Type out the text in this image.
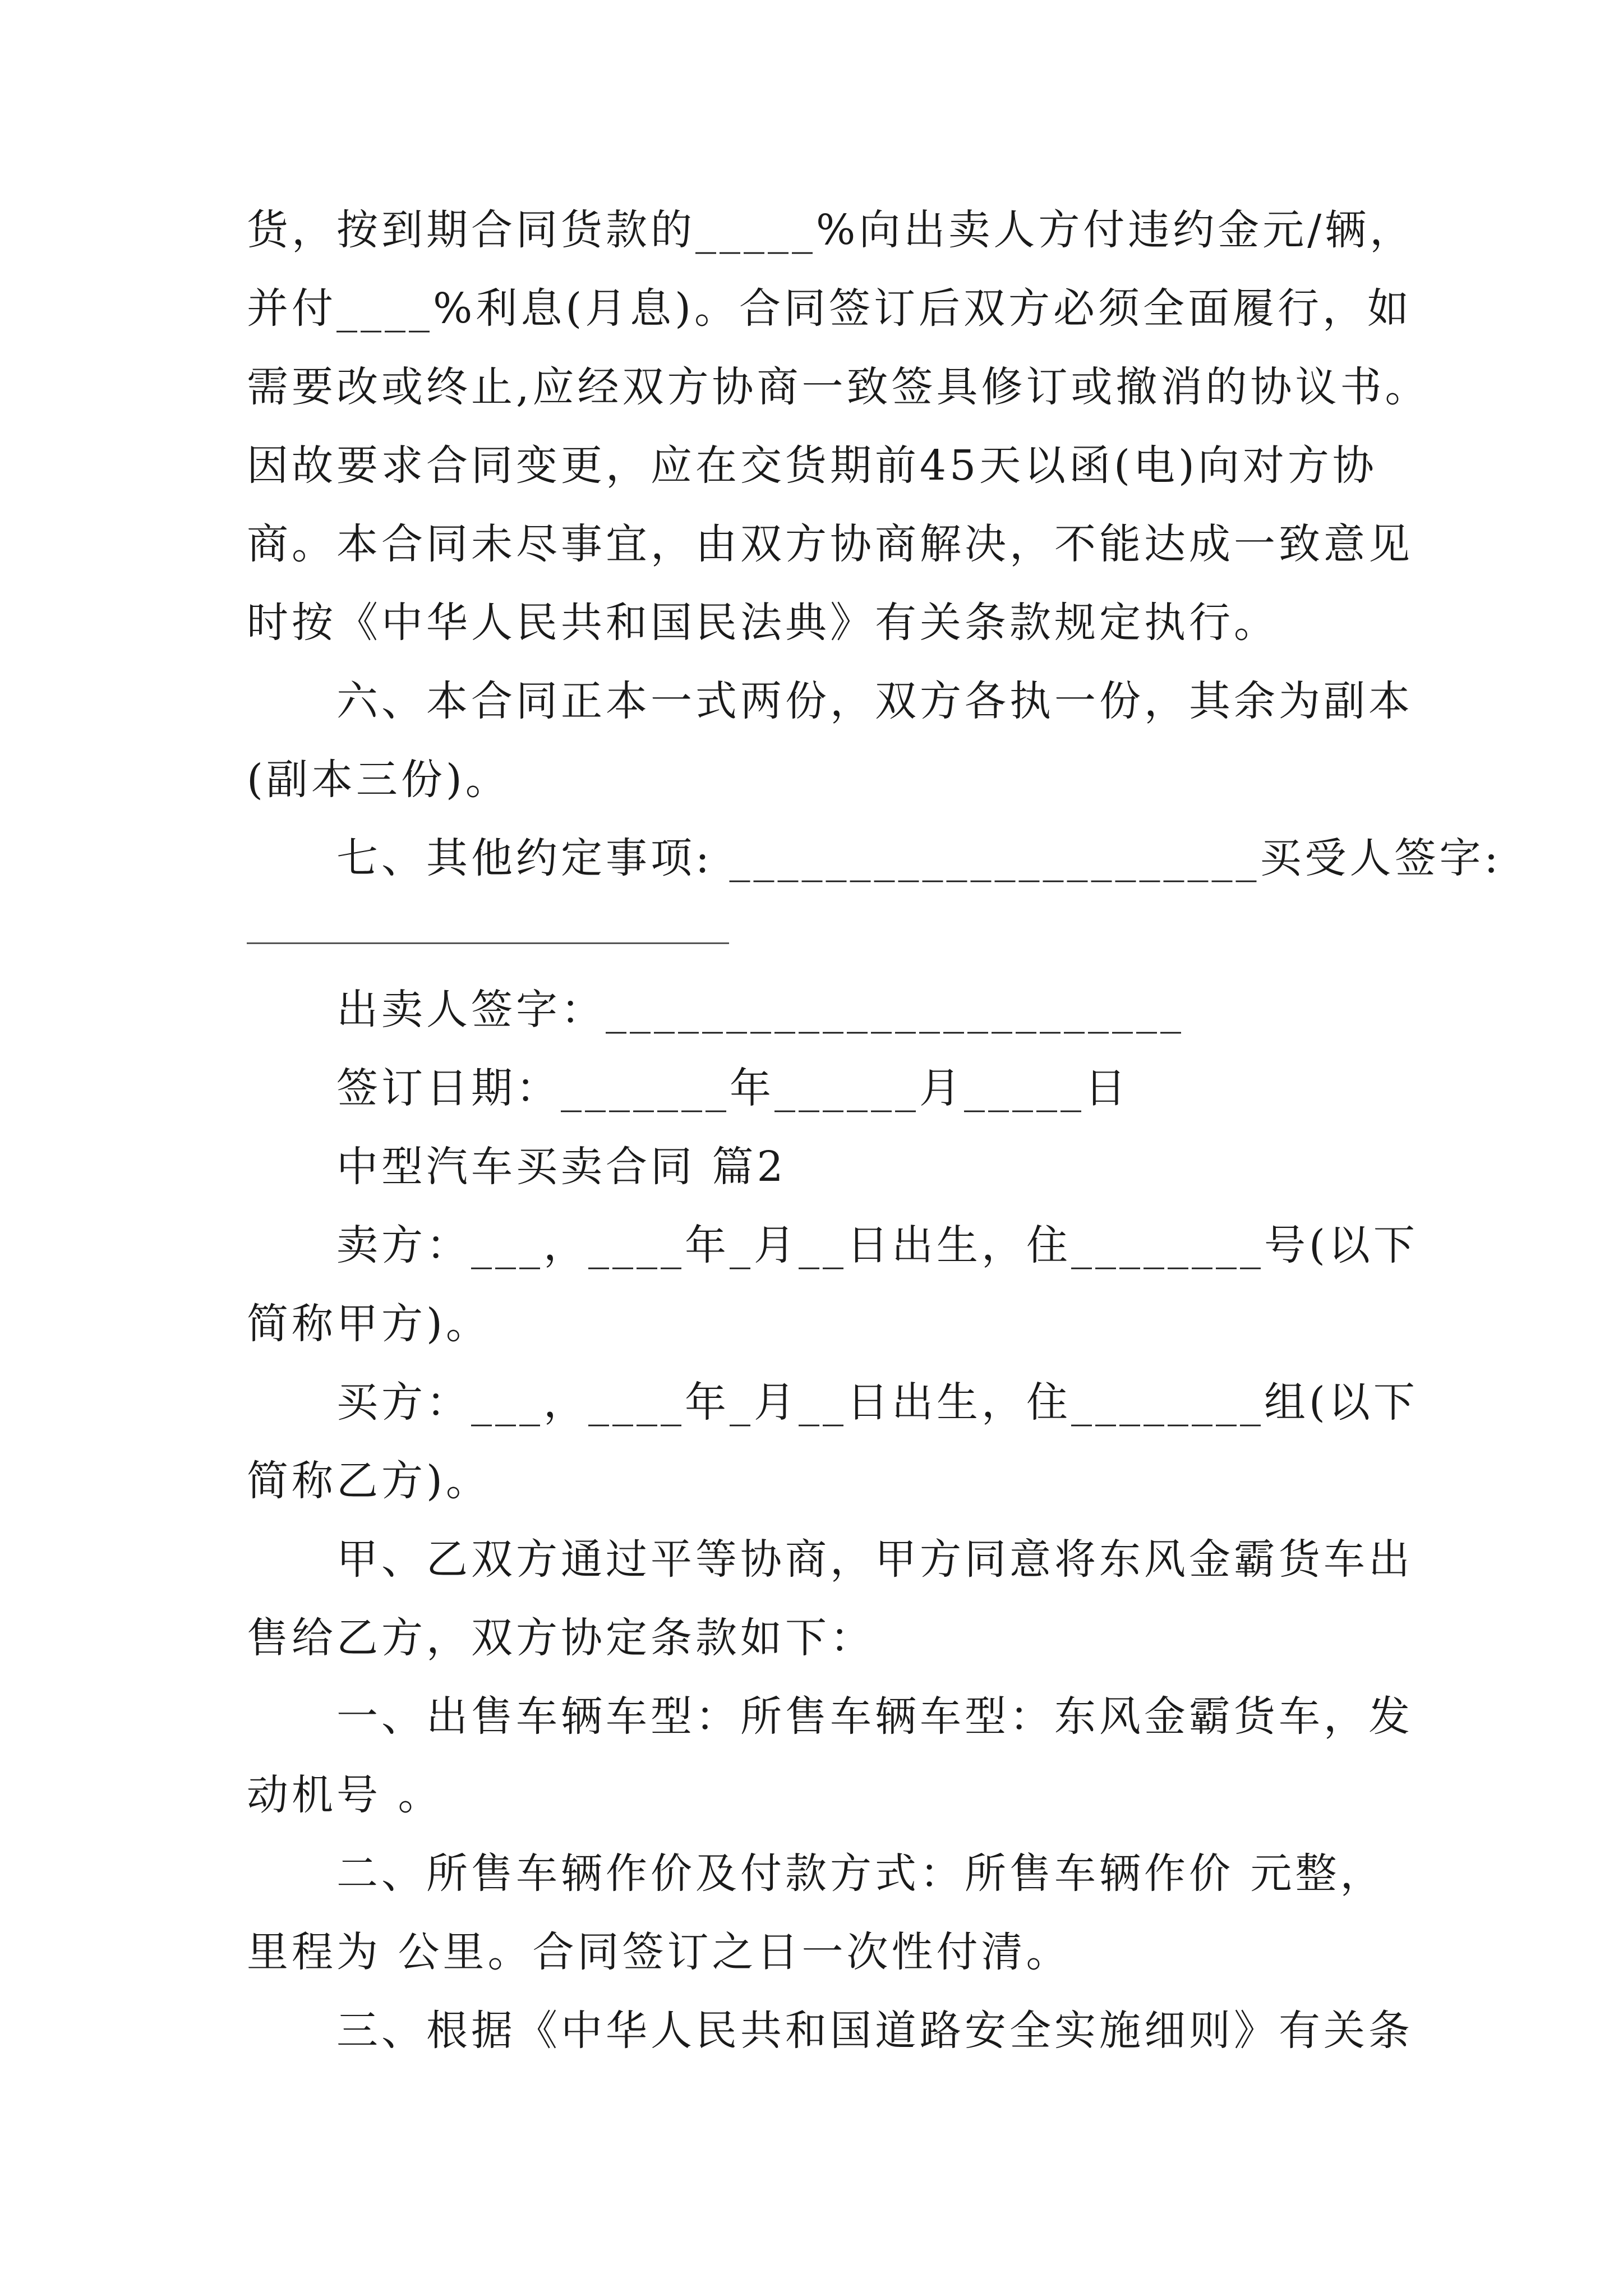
货，按到期合同货款的_____%向出卖人方付违约金元/辆，
并付____%利息(月息)。合同签订后双方必须全面履行，如
需要改或终止,应经双方协商一致签具修订或撤消的协议书。
因故要求合同变更，应在交货期前45天以函(电)向对方协
商。本合同未尽事宜，由双方协商解决，不能达成一致意见
时按《中华人民共和国民法典》有关条款规定执行。
六、本合同正本一式两份，双方各执一份，其余为副本
(副本三份)。
七、其他约定事项: ______________________买受人签字:
出卖人签字：________________________
签订日期：_______年______月_____日
中型汽车买卖合同 篇2
卖方：___，____年_月__日出生，住________号(以下
简称甲方)。
买方：___，____年_月__日出生，住________组(以下
简称乙方)。
甲、乙双方通过平等协商，甲方同意将东风金霸货车出
售给乙方，双方协定条款如下：
一、出售车辆车型：所售车辆车型：东风金霸货车，发
动机号 。
二、所售车辆作价及付款方式：所售车辆作价 元整，
里程为 公里。合同签订之日一次性付清。
三、根据《中华人民共和国道路安全实施细则》有关条
